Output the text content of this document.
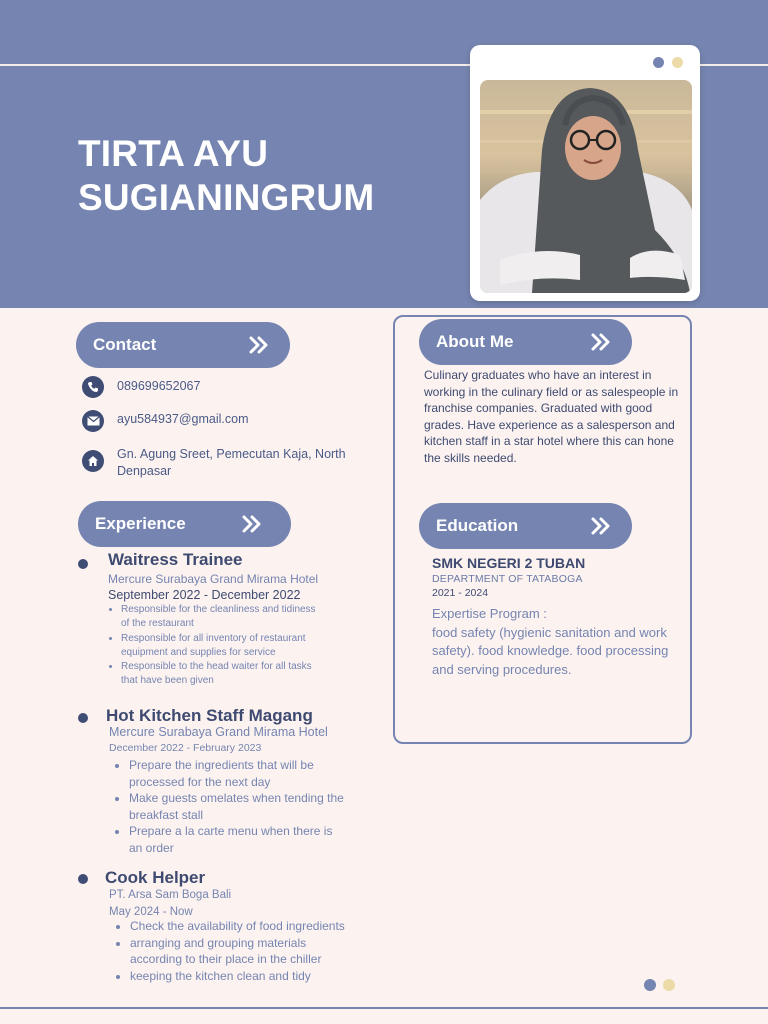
TIRTA AYU
SUGIANINGRUM
Contact
089699652067
ayu584937@gmail.com
Gn. Agung Sreet, Pemecutan Kaja, North Denpasar
About Me
Culinary graduates who have an interest in working in the culinary field or as salespeople in franchise companies. Graduated with good grades. Have experience as a salesperson and kitchen staff in a star hotel where this can hone the skills needed.
Education
SMK NEGERI 2 TUBAN
DEPARTMENT OF TATABOGA
2021 - 2024
Expertise Program :
food safety (hygienic sanitation and work safety). food knowledge. food processing and serving procedures.
Experience
Waitress Trainee
Mercure Surabaya Grand Mirama Hotel
September 2022 - December 2022
• Responsible for the cleanliness and tidiness of the restaurant
• Responsible for all inventory of restaurant equipment and supplies for service
• Responsible to the head waiter for all tasks that have been given
Hot Kitchen Staff Magang
Mercure Surabaya Grand Mirama Hotel
December 2022 - February 2023
• Prepare the ingredients that will be processed for the next day
• Make guests omelates when tending the breakfast stall
• Prepare a la carte menu when there is an order
Cook Helper
PT. Arsa Sam Boga Bali
May 2024 - Now
• Check the availability of food ingredients
• arranging and grouping materials according to their place in the chiller
• keeping the kitchen clean and tidy
